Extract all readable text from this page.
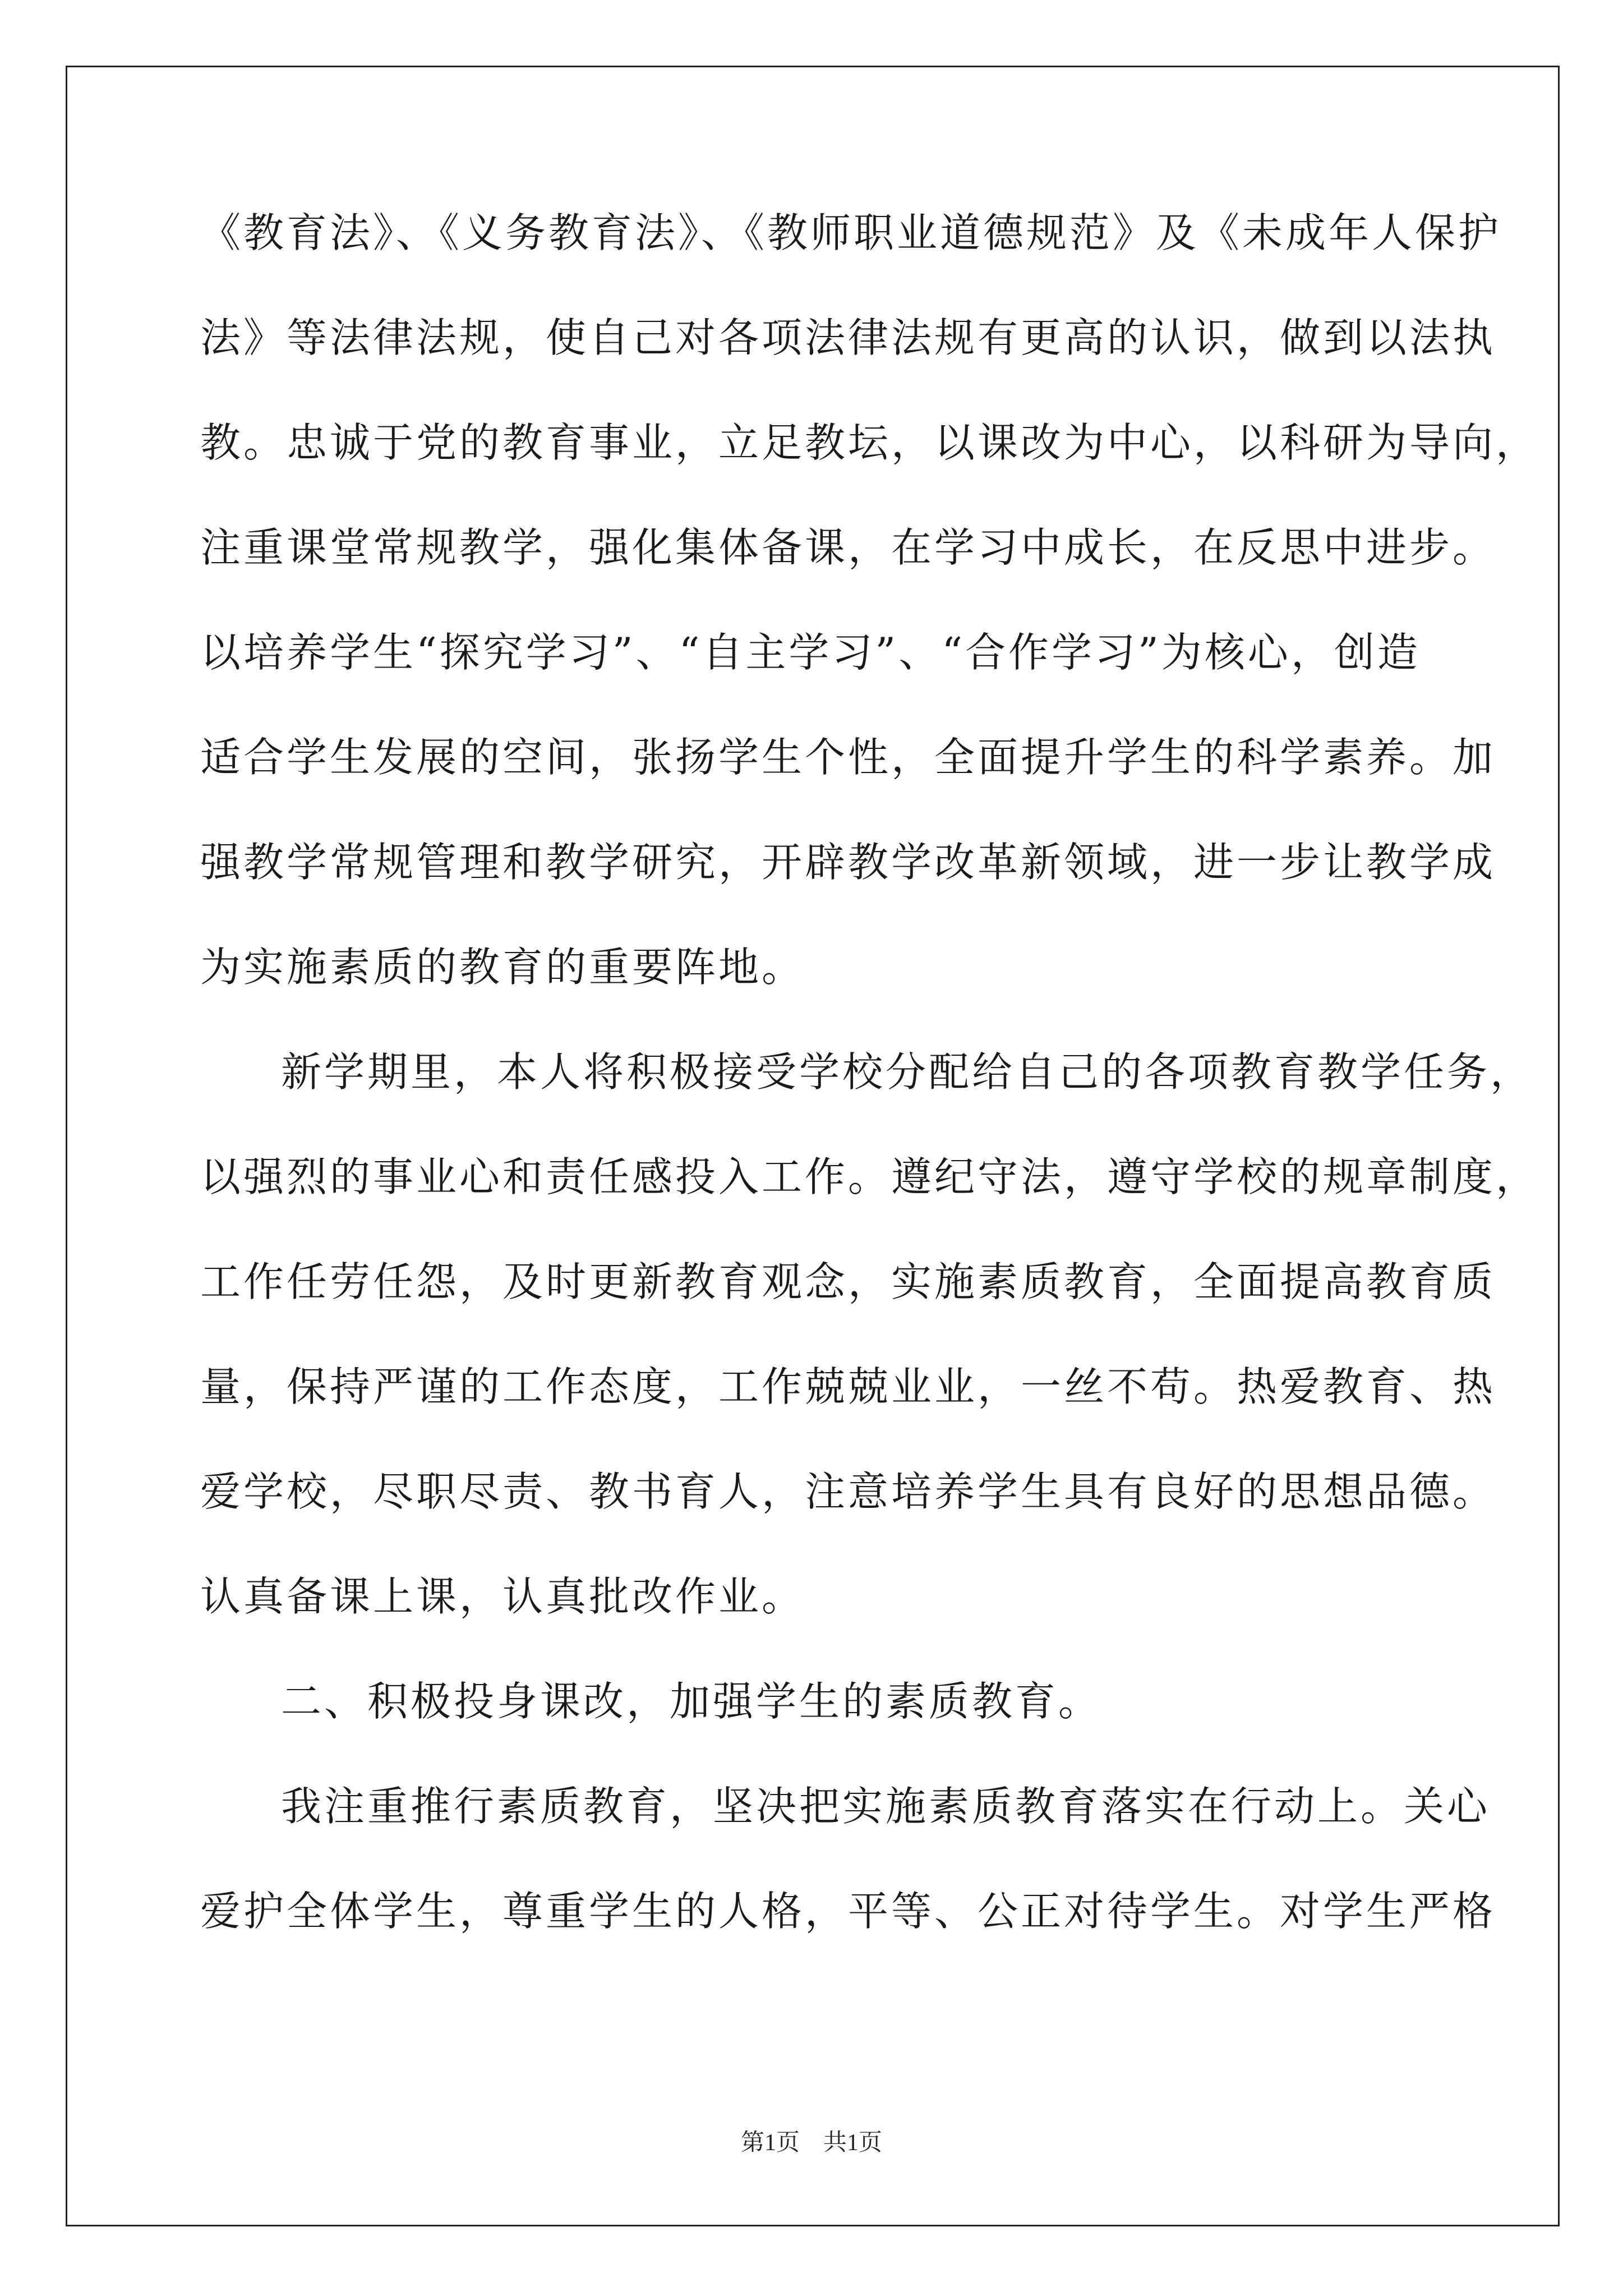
《教育法》、《义务教育法》、《教师职业道德规范》及《未成年人保护
法》等法律法规，使自己对各项法律法规有更高的认识，做到以法执
教。忠诚于党的教育事业，立足教坛，以课改为中心，以科研为导向，
注重课堂常规教学，强化集体备课，在学习中成长，在反思中进步。
以培养学生“探究学习”、“自主学习”、“合作学习”为核心，创造
适合学生发展的空间，张扬学生个性，全面提升学生的科学素养。加
强教学常规管理和教学研究，开辟教学改革新领域，进一步让教学成
为实施素质的教育的重要阵地。
新学期里，本人将积极接受学校分配给自己的各项教育教学任务，
以强烈的事业心和责任感投入工作。遵纪守法，遵守学校的规章制度，
工作任劳任怨，及时更新教育观念，实施素质教育，全面提高教育质
量，保持严谨的工作态度，工作兢兢业业，一丝不苟。热爱教育、热
爱学校，尽职尽责、教书育人，注意培养学生具有良好的思想品德。
认真备课上课，认真批改作业。
二、积极投身课改，加强学生的素质教育。
我注重推行素质教育，坚决把实施素质教育落实在行动上。关心
爱护全体学生，尊重学生的人格，平等、公正对待学生。对学生严格
第1页　共1页
